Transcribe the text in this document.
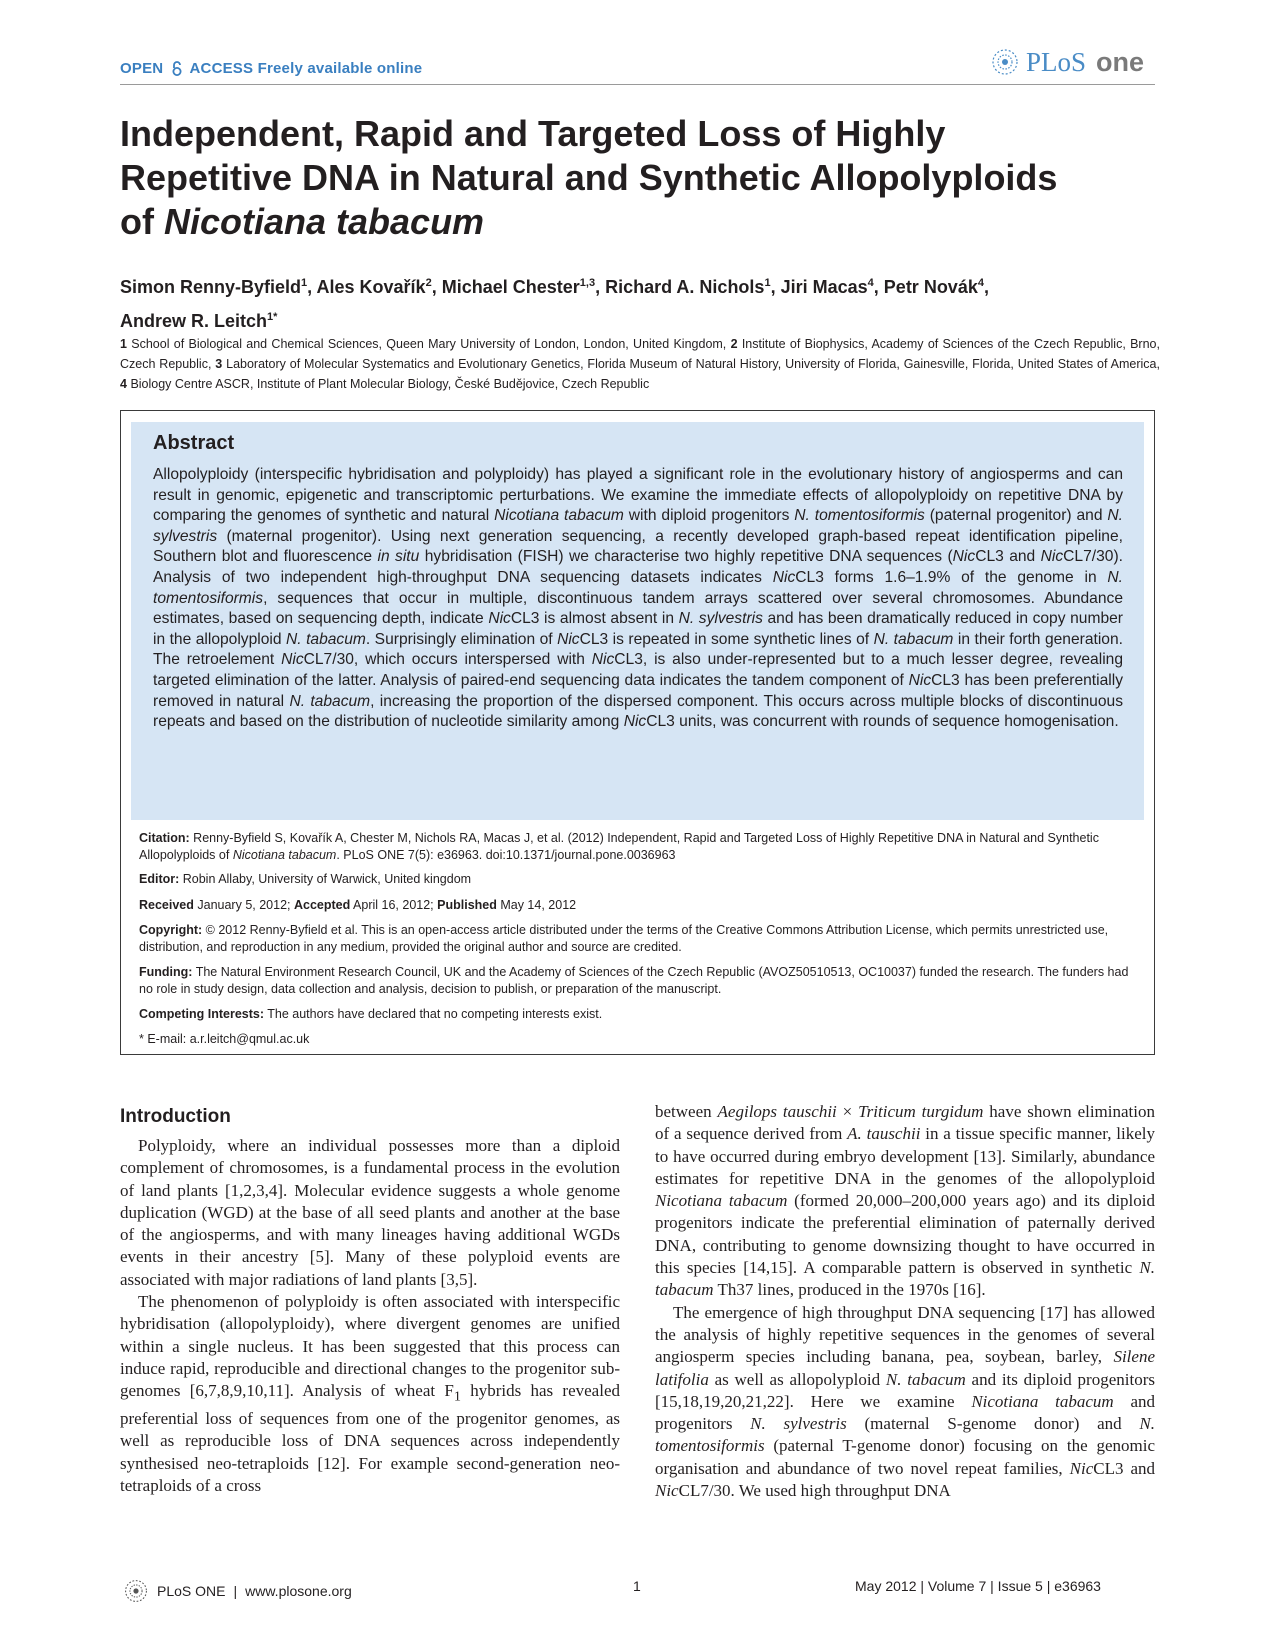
OPEN ACCESS Freely available online	PLoS one
Independent, Rapid and Targeted Loss of Highly
Repetitive DNA in Natural and Synthetic Allopolyploids
of Nicotiana tabacum
Simon Renny-Byfield$^1$, Ales Kovařík$^2$, Michael Chester$^{1,3}$, Richard A. Nichols$^1$, Jiri Macas$^4$, Petr Novák$^4$,
Andrew R. Leitch$^{1*}$
1 School of Biological and Chemical Sciences, Queen Mary University of London, London, United Kingdom, 2 Institute of Biophysics, Academy of Sciences of the Czech Republic, Brno, Czech Republic, 3 Laboratory of Molecular Systematics and Evolutionary Genetics, Florida Museum of Natural History, University of Florida, Gainesville, Florida, United States of America, 4 Biology Centre ASCR, Institute of Plant Molecular Biology, České Budějovice, Czech Republic
Abstract
Allopolyploidy (interspecific hybridisation and polyploidy) has played a significant role in the evolutionary history of angiosperms and can result in genomic, epigenetic and transcriptomic perturbations. We examine the immediate effects of allopolyploidy on repetitive DNA by comparing the genomes of synthetic and natural Nicotiana tabacum with diploid progenitors N. tomentosiformis (paternal progenitor) and N. sylvestris (maternal progenitor). Using next generation sequencing, a recently developed graph-based repeat identification pipeline, Southern blot and fluorescence in situ hybridisation (FISH) we characterise two highly repetitive DNA sequences (NicCL3 and NicCL7/30). Analysis of two independent high-throughput DNA sequencing datasets indicates NicCL3 forms 1.6–1.9% of the genome in N. tomentosiformis, sequences that occur in multiple, discontinuous tandem arrays scattered over several chromosomes. Abundance estimates, based on sequencing depth, indicate NicCL3 is almost absent in N. sylvestris and has been dramatically reduced in copy number in the allopolyploid N. tabacum. Surprisingly elimination of NicCL3 is repeated in some synthetic lines of N. tabacum in their forth generation. The retroelement NicCL7/30, which occurs interspersed with NicCL3, is also under-represented but to a much lesser degree, revealing targeted elimination of the latter. Analysis of paired-end sequencing data indicates the tandem component of NicCL3 has been preferentially removed in natural N. tabacum, increasing the proportion of the dispersed component. This occurs across multiple blocks of discontinuous repeats and based on the distribution of nucleotide similarity among NicCL3 units, was concurrent with rounds of sequence homogenisation.
Citation: Renny-Byfield S, Kovařík A, Chester M, Nichols RA, Macas J, et al. (2012) Independent, Rapid and Targeted Loss of Highly Repetitive DNA in Natural and Synthetic Allopolyploids of Nicotiana tabacum. PLoS ONE 7(5): e36963. doi:10.1371/journal.pone.0036963
Editor: Robin Allaby, University of Warwick, United kingdom
Received January 5, 2012; Accepted April 16, 2012; Published May 14, 2012
Copyright: © 2012 Renny-Byfield et al. This is an open-access article distributed under the terms of the Creative Commons Attribution License, which permits unrestricted use, distribution, and reproduction in any medium, provided the original author and source are credited.
Funding: The Natural Environment Research Council, UK and the Academy of Sciences of the Czech Republic (AVOZ50510513, OC10037) funded the research. The funders had no role in study design, data collection and analysis, decision to publish, or preparation of the manuscript.
Competing Interests: The authors have declared that no competing interests exist.
* E-mail: a.r.leitch@qmul.ac.uk
Introduction

Polyploidy, where an individual possesses more than a diploid complement of chromosomes, is a fundamental process in the evolution of land plants [1,2,3,4]. Molecular evidence suggests a whole genome duplication (WGD) at the base of all seed plants and another at the base of the angiosperms, and with many lineages having additional WGDs events in their ancestry [5]. Many of these polyploid events are associated with major radiations of land plants [3,5].

The phenomenon of polyploidy is often associated with interspecific hybridisation (allopolyploidy), where divergent genomes are unified within a single nucleus. It has been suggested that this process can induce rapid, reproducible and directional changes to the progenitor sub-genomes [6,7,8,9,10,11]. Analysis of wheat $F_1$ hybrids has revealed preferential loss of sequences from one of the progenitor genomes, as well as reproducible loss of DNA sequences across independently synthesised neo-tetraploids [12]. For example second-generation neo-tetraploids of a cross

between Aegilops tauschii × Triticum turgidum have shown elimination of a sequence derived from A. tauschii in a tissue specific manner, likely to have occurred during embryo development [13]. Similarly, abundance estimates for repetitive DNA in the genomes of the allopolyploid Nicotiana tabacum (formed 20,000–200,000 years ago) and its diploid progenitors indicate the preferential elimination of paternally derived DNA, contributing to genome downsizing thought to have occurred in this species [14,15]. A comparable pattern is observed in synthetic N. tabacum Th37 lines, produced in the 1970s [16].

The emergence of high throughput DNA sequencing [17] has allowed the analysis of highly repetitive sequences in the genomes of several angiosperm species including banana, pea, soybean, barley, Silene latifolia as well as allopolyploid N. tabacum and its diploid progenitors [15,18,19,20,21,22]. Here we examine Nicotiana tabacum and progenitors N. sylvestris (maternal S-genome donor) and N. tomentosiformis (paternal T-genome donor) focusing on the genomic organisation and abundance of two novel repeat families, NicCL3 and NicCL7/30. We used high throughput DNA

PLoS ONE | www.plosone.org	1	May 2012 | Volume 7 | Issue 5 | e36963
